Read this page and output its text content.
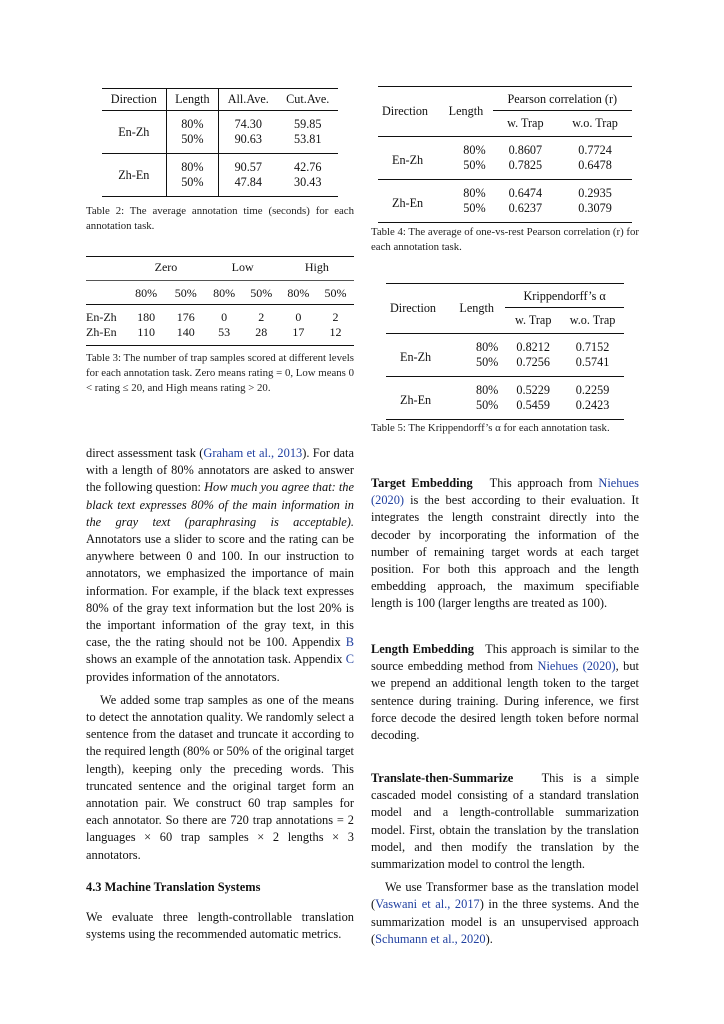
Direction	Length	All.Ave.	Cut.Ave.
En-Zh	80%	74.30	59.85
	50%	90.63	53.81
Zh-En	80%	90.57	42.76
	50%	47.84	30.43
Table 2: The average annotation time (seconds) for each annotation task.
	Zero		Low		High	

	80%	50%	80%	50%	80%	50%
En-Zh	180	176	0	2	0	2
Zh-En	110	140	53	28	17	12
Table 3: The number of trap samples scored at different levels for each annotation task. Zero means rating = 0, Low means 0 < rating ≤ 20, and High means rating > 20.
Direction	Length	Pearson correlation (r)	
		w. Trap	w.o. Trap
En-Zh	80%	0.8607	0.7724
	50%	0.7825	0.6478
Zh-En	80%	0.6474	0.2935
	50%	0.6237	0.3079
Table 4: The average of one-vs-rest Pearson correlation (r) for each annotation task.
Direction	Length	Krippendorff’s α	
		w. Trap	w.o. Trap
En-Zh	80%	0.8212	0.7152
	50%	0.7256	0.5741
Zh-En	80%	0.5229	0.2259
	50%	0.5459	0.2423
Table 5: The Krippendorff’s α for each annotation task.

direct assessment task (Graham et al., 2013). For data with a length of 80% annotators are asked to answer the following question: How much you agree that: the black text expresses 80% of the main information in the gray text (paraphrasing is acceptable). Annotators use a slider to score and the rating can be anywhere between 0 and 100. In our instruction to annotators, we emphasized the importance of main information. For example, if the black text expresses 80% of the gray text information but the lost 20% is the important information of the gray text, in this case, the the rating should not be 100. Appendix B shows an example of the annotation task. Appendix C provides information of the annotators.

We added some trap samples as one of the means to detect the annotation quality. We randomly select a sentence from the dataset and truncate it according to the required length (80% or 50% of the original target length), keeping only the preceding words. This truncated sentence and the original target form an annotation pair. We construct 60 trap samples for each annotator. So there are 720 trap annotations = 2 languages × 60 trap samples × 2 lengths × 3 annotators.

4.3 Machine Translation Systems
We evaluate three length-controllable translation systems using the recommended automatic metrics.
Target Embedding This approach from Niehues (2020) is the best according to their evaluation. It integrates the length constraint directly into the decoder by incorporating the information of the number of remaining target words at each target position. For both this approach and the length embedding approach, the maximum specifiable length is 100 (larger lengths are treated as 100).
Length Embedding This approach is similar to the source embedding method from Niehues (2020), but we prepend an additional length token to the target sentence during training. During inference, we first force decode the desired length token before normal decoding.
Translate-then-Summarize This is a simple cascaded model consisting of a standard translation model and a length-controllable summarization model. First, obtain the translation by the translation model, and then modify the translation by the summarization model to control the length.

We use Transformer base as the translation model (Vaswani et al., 2017) in the three systems. And the summarization model is an unsupervised approach (Schumann et al., 2020).
